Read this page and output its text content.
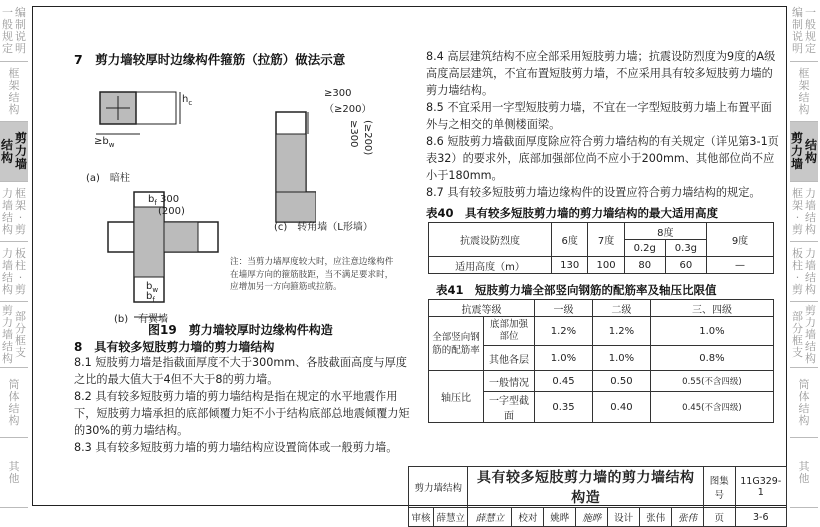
一
般
规
定
编
制
说
明
框
架
结
构
结
构
剪
力
墙
力
墙
结
构
框
架
·
剪
力
墙
结
构
板
柱
·
剪
剪
力
墙
结
构
部
分
框
支
筒
体
结
构
其
他
编
制
说
明
一
般
规
定
框
架
结
构
剪
力
墙
结
构
框
架
·
剪
力
墙
结
构
板
柱
·
剪
力
墙
结
构
部
分
框
支
剪
力
墙
结
构
筒
体
结
构
其
他
7　剪力墙较厚时边缘构件箍筋（拉筋）做法示意
$\ge b_w$
$h_c$
≥300
（≥200）
≥300 (≥200)
(a)　暗柱
$b_f$ 300
(200)
(c)　转角墙（L形墙）
$b_w$
$b_f$
(b)　有翼墙
注：当剪力墙厚度较大时，应注意边缘构件在墙厚方向的箍筋肢距，当不满足要求时，应增加另一方向箍筋或拉筋。
图19　剪力墙较厚时边缘构件构造
8　具有较多短肢剪力墙的剪力墙结构
8.1 短肢剪力墙是指截面厚度不大于300mm、各肢截面高度与厚度之比的最大值大于4但不大于8的剪力墙。
8.2 具有较多短肢剪力墙的剪力墙结构是指在规定的水平地震作用下，短肢剪力墙承担的底部倾覆力矩不小于结构底部总地震倾覆力矩的30%的剪力墙结构。
8.3 具有较多短肢剪力墙的剪力墙结构应设置筒体或一般剪力墙。
8.4 高层建筑结构不应全部采用短肢剪力墙；抗震设防烈度为9度的A级高度高层建筑，不宜布置短肢剪力墙，不应采用具有较多短肢剪力墙的剪力墙结构。
8.5 不宜采用一字型短肢剪力墙，不宜在一字型短肢剪力墙上布置平面外与之相交的单侧楼面梁。
8.6 短肢剪力墙截面厚度除应符合剪力墙结构的有关规定（详见第3-1页表32）的要求外，底部加强部位尚不应小于200mm、其他部位尚不应小于180mm。
8.7 具有较多短肢剪力墙边缘构件的设置应符合剪力墙结构的规定。
表40　具有较多短肢剪力墙的剪力墙结构的最大适用高度
抗震设防烈度	6度	7度	8度		9度
			0.2g	0.3g	
适用高度（m）	130	100	80	60	—
表41　短肢剪力墙全部竖向钢筋的配筋率及轴压比限值
抗震等级		一级	二级	三、四级
全部竖向钢筋的配筋率	底部加强部位	1.2%	1.2%	1.0%
	其他各层	1.0%	1.0%	0.8%
轴压比	一般情况	0.45	0.50	0.55(不含四级)
	一字型截面	0.35	0.40	0.45(不含四级)
剪力墙结构		具有较多短肢剪力墙的剪力墙结构构造							图集号	11G329-1
审核	薛慧立	薛慧立	校对	姚晔	施晔	设计	张伟	张伟	页	3-6
